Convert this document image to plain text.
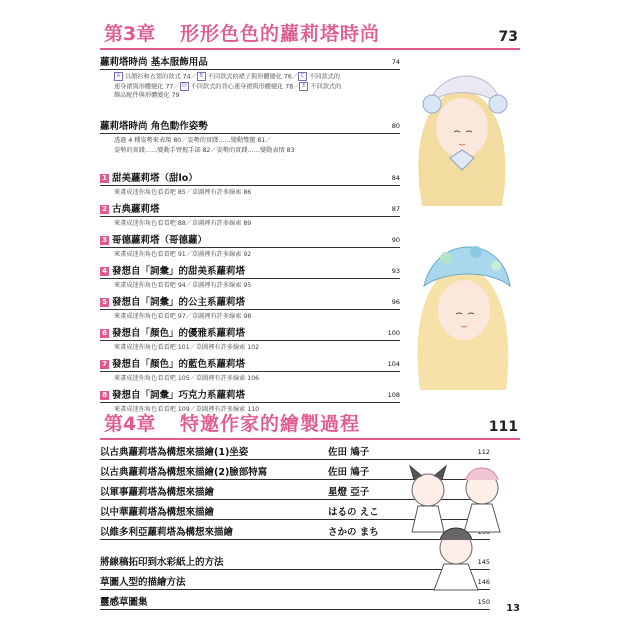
第3章 形形色色的蘿莉塔時尚	73
蘿莉塔時尚 基本服飾用品	74
A 具顏衫和衣領的款式 74／ B 不同款式的裙子與形體變化 76／ C 不同款式的連身裙與形體變化 77／ D 不同款式的背心連身裙與形體變化 78／ E 不同款式的飾品配件與形體變化 79
蘿莉塔時尚 角色動作姿勢	80
透過 4 種姿勢來表現 80／姿勢的實踐……變動雙腿 81／
姿勢的實踐……變動手臂握手部 82／姿勢的實踐……變動表情 83
1 甜美蘿莉塔（甜lo）	84
來畫成迷你角色看看吧 85／草圖裡有許多線索 86
2 古典蘿莉塔	87
來畫成迷你角色看看吧 88／草圖裡有許多線索 89
3 哥德蘿莉塔（哥德蘿）	90
來畫成迷你角色看看吧 91／草圖裡有許多線索 92
4 發想自「詞彙」的甜美系蘿莉塔	93
來畫成迷你角色看看吧 94／草圖裡有許多線索 95
5 發想自「詞彙」的公主系蘿莉塔	96
來畫成迷你角色看看吧 97／草圖裡有許多線索 98
6 發想自「顏色」的優雅系蘿莉塔	100
來畫成迷你角色看看吧 101／草圖裡有許多線索 102
7 發想自「顏色」的藍色系蘿莉塔	104
來畫成迷你角色看看吧 105／草圖裡有許多線索 106
8 發想自「詞彙」巧克力系蘿莉塔	108
來畫成迷你角色看看吧 109／草圖裡有許多線索 110
第4章 特邀作家的繪製過程	111
以古典蘿莉塔為構想來描繪(1)坐姿	佐田 鳩子	112
以古典蘿莉塔為構想來描繪(2)臉部特寫	佐田 鳩子
以軍事蘿莉塔為構想來描繪	星燈 亞子
以中華蘿莉塔為構想來描繪	はるの えこ
以維多利亞蘿莉塔為構想來描繪	さかの まち
將線稿拓印到水彩紙上的方法	145
草圖人型的描繪方法	146
靈感草圖集	150
13
